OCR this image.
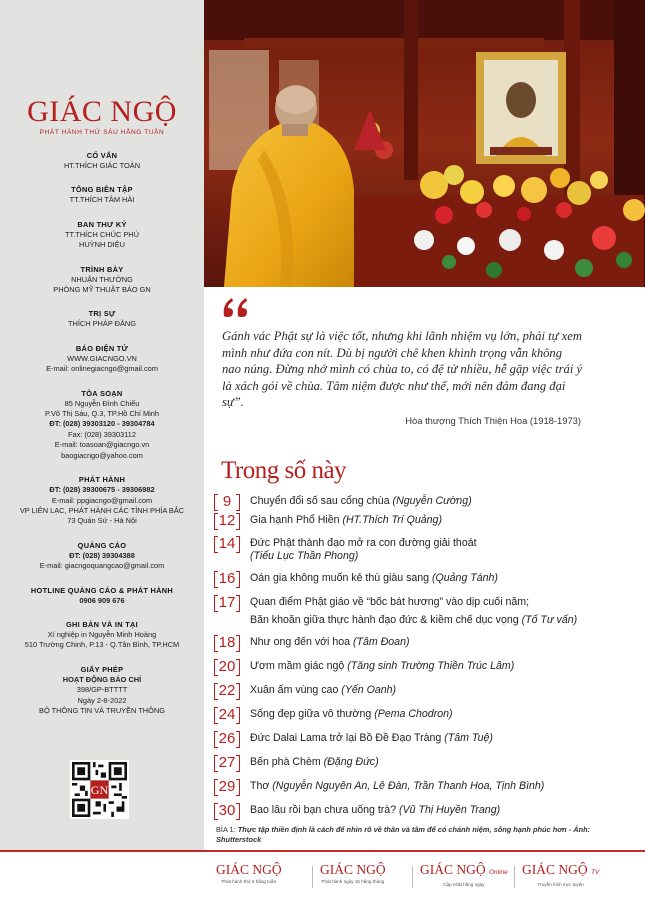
GIÁC NGỘ
PHÁT HÀNH THỨ SÁU HẰNG TUẦN
CỐ VẤN
HT.THÍCH GIÁC TOÀN
TỔNG BIÊN TẬP
TT.THÍCH TÂM HẢI
BAN THƯ KÝ
TT.THÍCH CHÚC PHÚ
HUỲNH DIỆU
TRÌNH BÀY
NHUẬN THƯỜNG
PHÒNG MỸ THUẬT BÁO GN
TRỊ SỰ
THÍCH PHÁP ĐĂNG
BÁO ĐIỆN TỬ
WWW.GIACNGO.VN
E-mail: onlinegiacngo@gmail.com
TÒA SOẠN
85 Nguyễn Đình Chiểu
P.Võ Thị Sáu, Q.3, TP.Hồ Chí Minh
ĐT: (028) 39303120 - 39304784
Fax: (028) 39303112
E-mail: toasoan@giacngo.vn
baogiacngo@yahoo.com
PHÁT HÀNH
ĐT: (028) 39300675 - 39306982
E-mail: ppgiacngo@gmail.com
VP LIÊN LẠC, PHÁT HÀNH CÁC TỈNH PHÍA BẮC
73 Quán Sứ - Hà Nội
QUẢNG CÁO
ĐT: (028) 39304388
E-mail: giacngoquangcao@gmail.com
HOTLINE QUẢNG CÁO & PHÁT HÀNH
0906 909 676
GHI BẢN VÀ IN TẠI
Xí nghiệp in Nguyễn Minh Hoàng
510 Trường Chinh, P.13 - Q.Tân Bình, TP.HCM
GIẤY PHÉP
HOẠT ĐỘNG BÁO CHÍ
398/GP-BTTTT
Ngày 2-8-2022
BỘ THÔNG TIN VÀ TRUYỀN THÔNG
GN
Gánh vác Phật sự là việc tốt, nhưng khi lãnh nhiệm vụ lớn, phải tự xem mình như đứa con nít. Dù bị người chê khen khinh trọng vẫn không nao núng. Đừng nhớ mình có chùa to, có đệ tử nhiều, hễ gặp việc trái ý là xách gói về chùa. Tâm niệm được như thế, mới nên đảm đang đại sự”.
Hòa thượng Thích Thiện Hoa (1918-1973)
Trong số này
9	Chuyển đổi số sau cổng chùa (Nguyễn Cường)
12	Gia hạnh Phổ Hiền (HT.Thích Trí Quảng)
14	Đức Phật thành đạo mở ra con đường giải thoát
(Tiểu Lục Thần Phong)
16	Oán gia không muốn kẻ thù giàu sang (Quảng Tánh)
17	Quan điểm Phật giáo về “bốc bát hương” vào dịp cuối năm;
Băn khoăn giữa thực hành đạo đức & kiềm chế dục vọng (Tố Tư vấn)
18	Như ong đến với hoa (Tâm Đoan)
20	Ươm mầm giác ngộ (Tăng sinh Trường Thiền Trúc Lâm)
22	Xuân ấm vùng cao (Yến Oanh)
24	Sống đẹp giữa vô thường (Pema Chodron)
26	Đức Dalai Lama trở lại Bồ Đề Đạo Tràng (Tâm Tuệ)
27	Bến phà Chèm (Đặng Đức)
29	Thơ (Nguyễn Nguyên An, Lê Đàn, Trần Thanh Hoa, Tịnh Bình)
30	Bao lâu rồi bạn chưa uống trà? (Vũ Thị Huyền Trang)
BÌA 1: Thực tập thiền định là cách để nhìn rõ về thân và tâm để có chánh niệm, sống hạnh phúc hơn - Ảnh: Shutterstock
GIÁC NGỘ
Phát hành thứ 6 hằng tuần
GIÁC NGỘ
Phát hành ngày 15 hằng tháng
GIÁC NGỘ Online
Cập nhật hằng ngày
GIÁC NGỘ TV
Truyền hình trực tuyến
